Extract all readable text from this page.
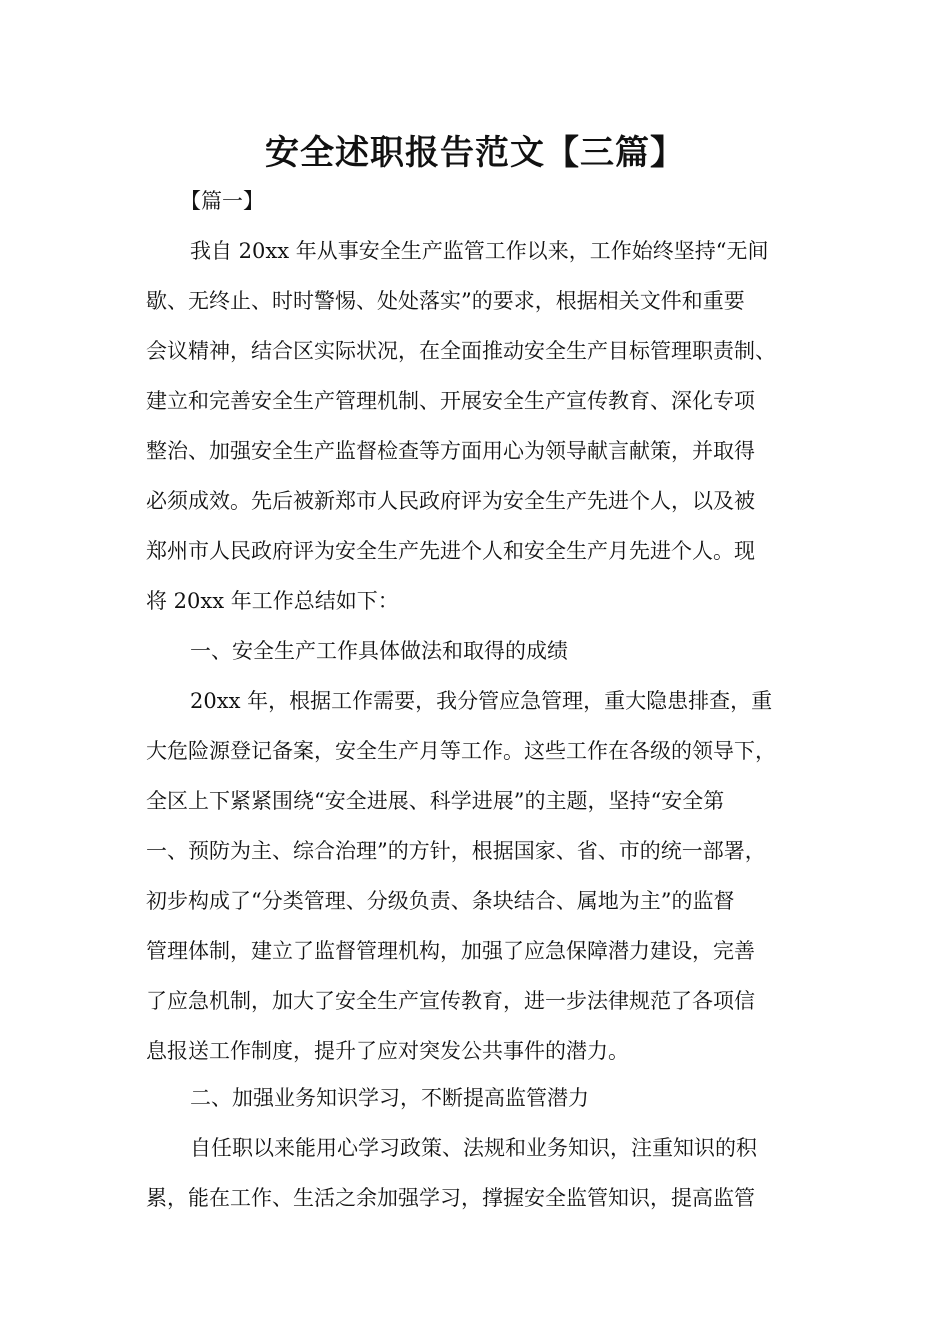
安全述职报告范文【三篇】
【篇一】
我自 20xx 年从事安全生产监管工作以来，工作始终坚持“无间
歇、无终止、时时警惕、处处落实”的要求，根据相关文件和重要
会议精神，结合区实际状况，在全面推动安全生产目标管理职责制、
建立和完善安全生产管理机制、开展安全生产宣传教育、深化专项
整治、加强安全生产监督检查等方面用心为领导献言献策，并取得
必须成效。先后被新郑市人民政府评为安全生产先进个人，以及被
郑州市人民政府评为安全生产先进个人和安全生产月先进个人。现
将 20xx 年工作总结如下：
一、安全生产工作具体做法和取得的成绩
20xx 年，根据工作需要，我分管应急管理，重大隐患排查，重
大危险源登记备案，安全生产月等工作。这些工作在各级的领导下，
全区上下紧紧围绕“安全进展、科学进展”的主题，坚持“安全第
一、预防为主、综合治理”的方针，根据国家、省、市的统一部署，
初步构成了“分类管理、分级负责、条块结合、属地为主”的监督
管理体制，建立了监督管理机构，加强了应急保障潜力建设，完善
了应急机制，加大了安全生产宣传教育，进一步法律规范了各项信
息报送工作制度，提升了应对突发公共事件的潜力。
二、加强业务知识学习，不断提高监管潜力
自任职以来能用心学习政策、法规和业务知识，注重知识的积
累，能在工作、生活之余加强学习，撑握安全监管知识，提高监管
